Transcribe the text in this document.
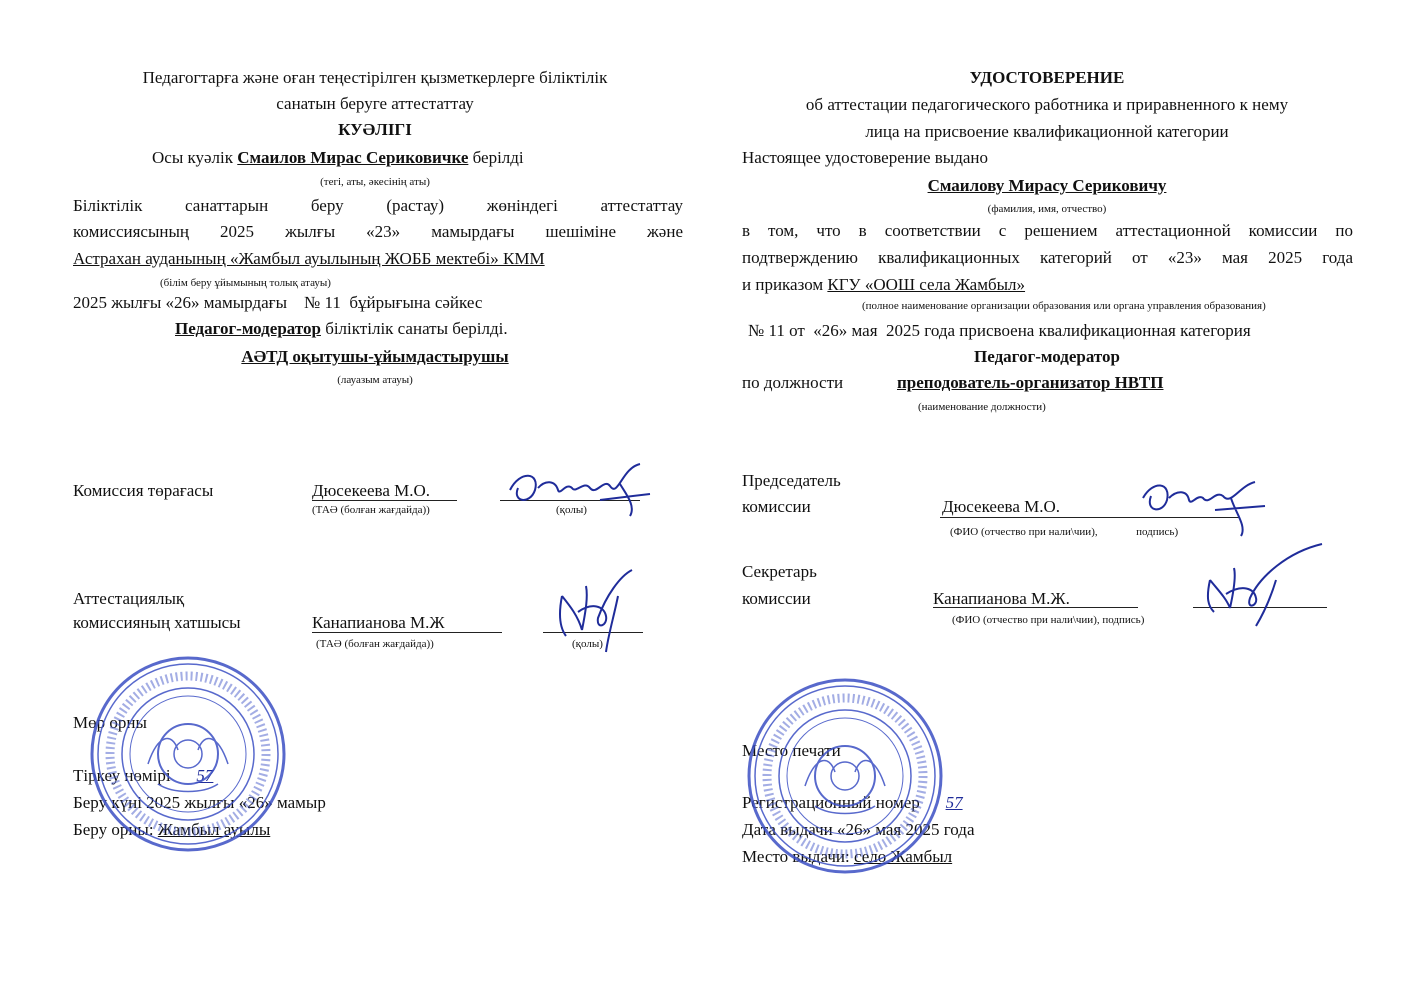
Педагогтарға және оған теңестірілген қызметкерлерге біліктілік
санатын беруге аттестаттау
КУӘЛІГІ
Осы куәлік Смаилов Мирас Сериковичке берілді
(тегі, аты, әкесінің аты)
Біліктілік санаттарын беру (растау) жөніндегі аттестаттау
комиссиясының 2025 жылғы «23» мамырдағы шешіміне және
Астрахан ауданының «Жамбыл ауылының ЖОББ мектебі» КММ
(білім беру ұйымының толық атауы)
2025 жылғы «26» мамырдағы    № 11  бұйрығына сәйкес
Педагог-модератор біліктілік санаты берілді.
АӘТД оқытушы-ұйымдастырушы
(лауазым атауы)
Комиссия төрағасы	Дюсекеева М.О.
(ТАӘ (болған жағдайда))	(қолы)
Аттестациялық
комиссияның хатшысы	Канапианова М.Ж
(ТАӘ (болған жағдайда))	(қолы)
Мөр орны
Тіркеу нөмірі 57
Беру күні 2025 жылғы «26» мамыр
Беру орны: Жамбыл ауылы
УДОСТОВЕРЕНИЕ
об аттестации педагогического работника и приравненного к нему
лица на присвоение квалификационной категории
Настоящее удостоверение выдано
Смаилову Мирасу Сериковичу
(фамилия, имя, отчество)
в том, что в соответствии с решением аттестационной комиссии по
подтверждению квалификационных категорий от «23» мая 2025 года
и приказом КГУ «ООШ села Жамбыл»
(полное наименование организации образования или органа управления образования)
№ 11 от  «26» мая  2025 года присвоена квалификационная категория
Педагог-модератор
по должности	преподователь-организатор НВТП
(наименование должности)
Председатель
комиссии	Дюсекеева М.О.
(ФИО (отчество при нали\чии),              подпись)
Секретарь
комиссии	Канапианова М.Ж.
(ФИО (отчество при нали\чии), подпись)
Место печати
Регистрационный номер 57
Дата выдачи «26» мая 2025 года
Место выдачи: село Жамбыл
